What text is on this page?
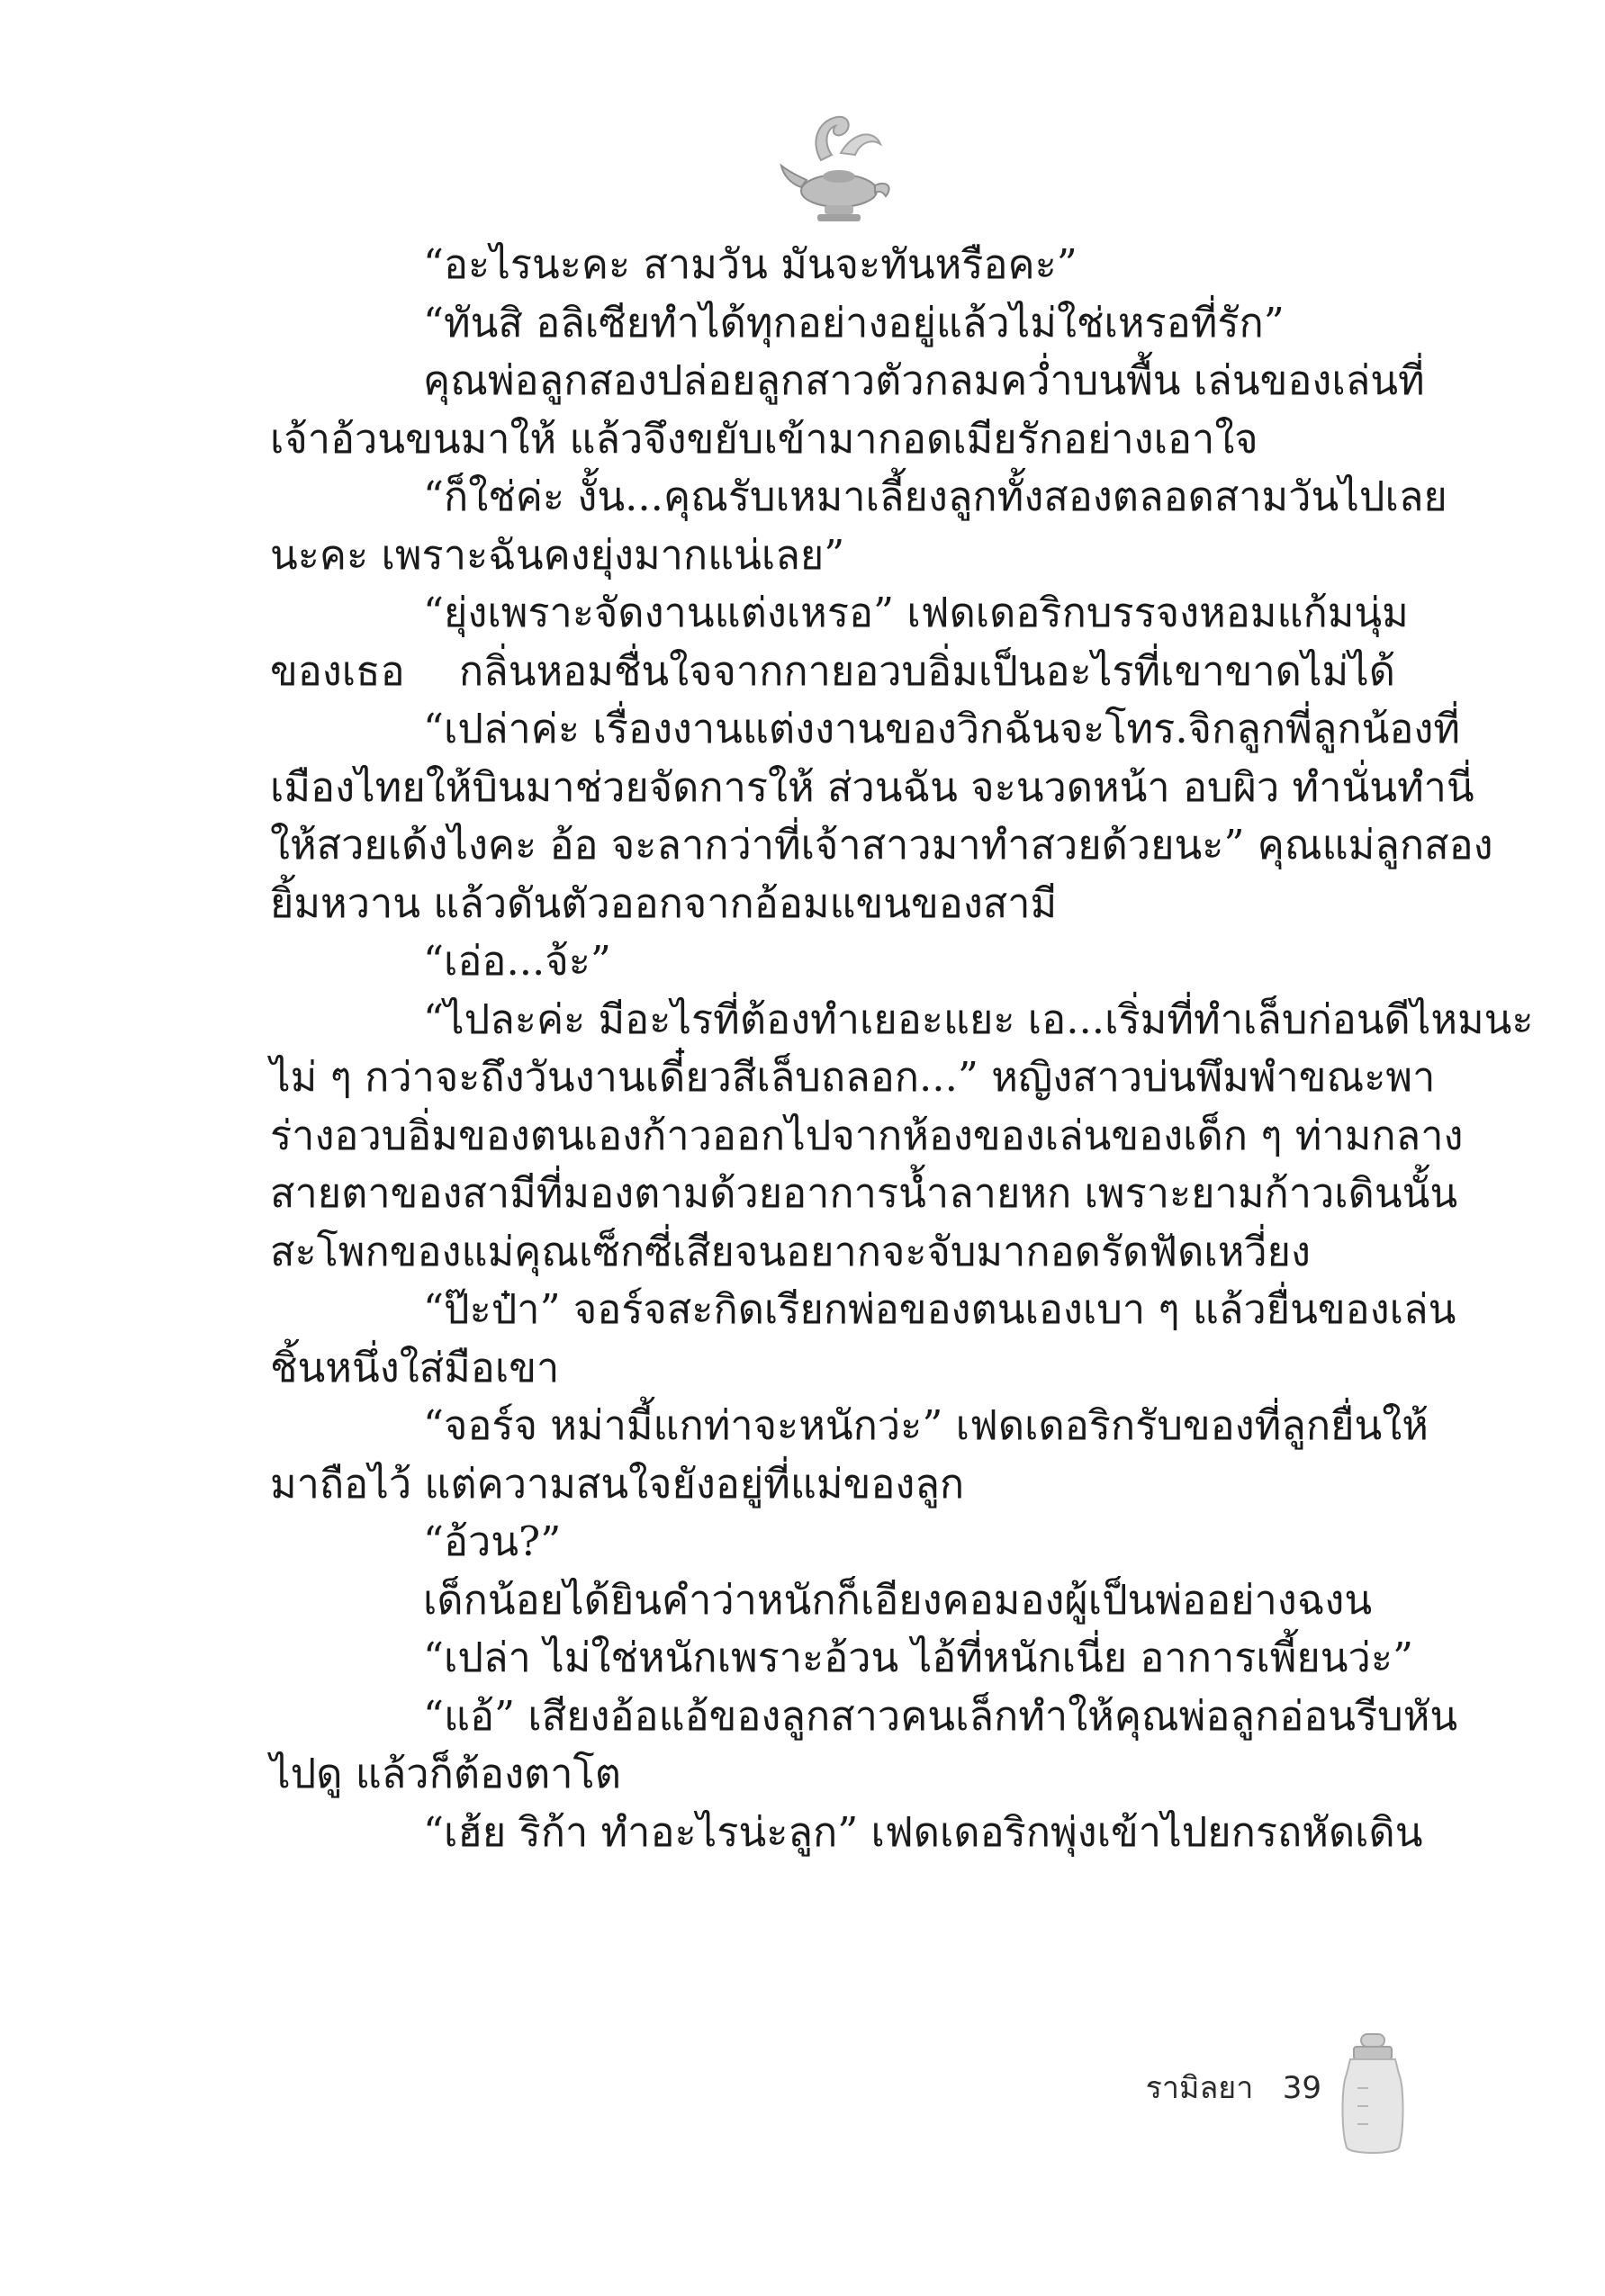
“อะไรนะคะ สามวัน มันจะทันหรือคะ”
“ทันสิ อลิเซียทำได้ทุกอย่างอยู่แล้วไม่ใช่เหรอที่รัก”
คุณพ่อลูกสองปล่อยลูกสาวตัวกลมคว่ำบนพื้น เล่นของเล่นที่
เจ้าอ้วนขนมาให้ แล้วจึงขยับเข้ามากอดเมียรักอย่างเอาใจ
“ก็ใช่ค่ะ งั้น...คุณรับเหมาเลี้ยงลูกทั้งสองตลอดสามวันไปเลย
นะคะ เพราะฉันคงยุ่งมากแน่เลย”
“ยุ่งเพราะจัดงานแต่งเหรอ” เฟดเดอริกบรรจงหอมแก้มนุ่ม
ของเธอ กลิ่นหอมชื่นใจจากกายอวบอิ่มเป็นอะไรที่เขาขาดไม่ได้
“เปล่าค่ะ เรื่องงานแต่งงานของวิกฉันจะโทร.จิกลูกพี่ลูกน้องที่
เมืองไทยให้บินมาช่วยจัดการให้ ส่วนฉัน จะนวดหน้า อบผิว ทำนั่นทำนี่
ให้สวยเด้งไงคะ อ้อ จะลากว่าที่เจ้าสาวมาทำสวยด้วยนะ” คุณแม่ลูกสอง
ยิ้มหวาน แล้วดันตัวออกจากอ้อมแขนของสามี
“เอ่อ...จ้ะ”
“ไปละค่ะ มีอะไรที่ต้องทำเยอะแยะ เอ...เริ่มที่ทำเล็บก่อนดีไหมนะ
ไม่ ๆ กว่าจะถึงวันงานเดี๋ยวสีเล็บถลอก...” หญิงสาวบ่นพึมพำขณะพา
ร่างอวบอิ่มของตนเองก้าวออกไปจากห้องของเล่นของเด็ก ๆ ท่ามกลาง
สายตาของสามีที่มองตามด้วยอาการน้ำลายหก เพราะยามก้าวเดินนั้น
สะโพกของแม่คุณเซ็กซี่เสียจนอยากจะจับมากอดรัดฟัดเหวี่ยง
“ป๊ะป๋า” จอร์จสะกิดเรียกพ่อของตนเองเบา ๆ แล้วยื่นของเล่น
ชิ้นหนึ่งใส่มือเขา
“จอร์จ หม่ามี้แกท่าจะหนักว่ะ” เฟดเดอริกรับของที่ลูกยื่นให้
มาถือไว้ แต่ความสนใจยังอยู่ที่แม่ของลูก
“อ้วน?”
เด็กน้อยได้ยินคำว่าหนักก็เอียงคอมองผู้เป็นพ่ออย่างฉงน
“เปล่า ไม่ใช่หนักเพราะอ้วน ไอ้ที่หนักเนี่ย อาการเพี้ยนว่ะ”
“แอ้” เสียงอ้อแอ้ของลูกสาวคนเล็กทำให้คุณพ่อลูกอ่อนรีบหัน
ไปดู แล้วก็ต้องตาโต
“เฮ้ย ริก้า ทำอะไรน่ะลูก” เฟดเดอริกพุ่งเข้าไปยกรถหัดเดิน
รามิลยา 39
